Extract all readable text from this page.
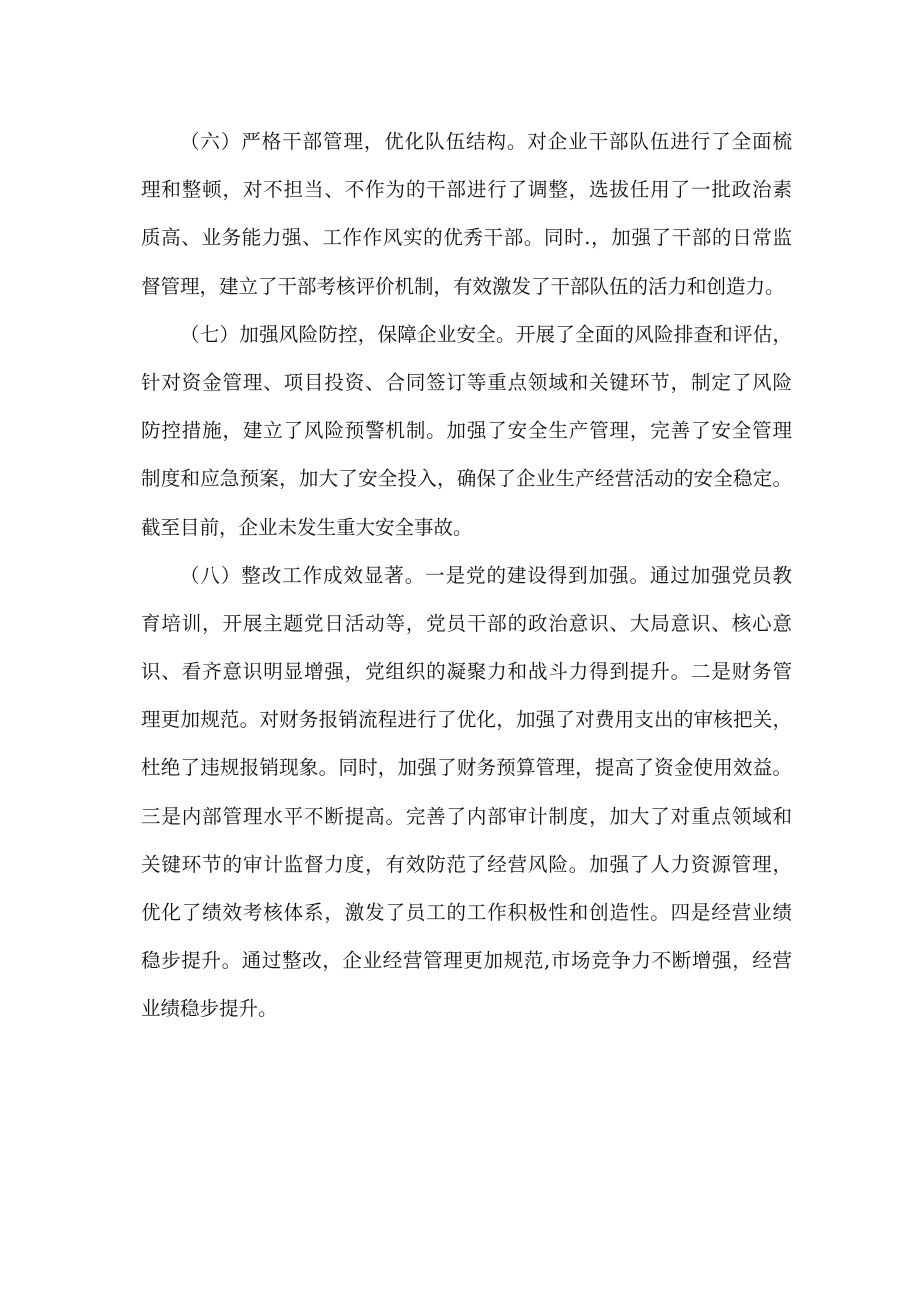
（六）严格干部管理，优化队伍结构。对企业干部队伍进行了全面梳
理和整顿，对不担当、不作为的干部进行了调整，选拔任用了一批政治素
质高、业务能力强、工作作风实的优秀干部。同时.，加强了干部的日常监
督管理，建立了干部考核评价机制，有效激发了干部队伍的活力和创造力。
（七）加强风险防控，保障企业安全。开展了全面的风险排查和评估，
针对资金管理、项目投资、合同签订等重点领域和关键环节，制定了风险
防控措施，建立了风险预警机制。加强了安全生产管理，完善了安全管理
制度和应急预案，加大了安全投入，确保了企业生产经营活动的安全稳定。
截至目前，企业未发生重大安全事故。
（八）整改工作成效显著。一是党的建设得到加强。通过加强党员教
育培训，开展主题党日活动等，党员干部的政治意识、大局意识、核心意
识、看齐意识明显增强，党组织的凝聚力和战斗力得到提升。二是财务管
理更加规范。对财务报销流程进行了优化，加强了对费用支出的审核把关，
杜绝了违规报销现象。同时，加强了财务预算管理，提高了资金使用效益。
三是内部管理水平不断提高。完善了内部审计制度，加大了对重点领域和
关键环节的审计监督力度，有效防范了经营风险。加强了人力资源管理，
优化了绩效考核体系，激发了员工的工作积极性和创造性。四是经营业绩
稳步提升。通过整改，企业经营管理更加规范,市场竞争力不断增强，经营
业绩稳步提升。
